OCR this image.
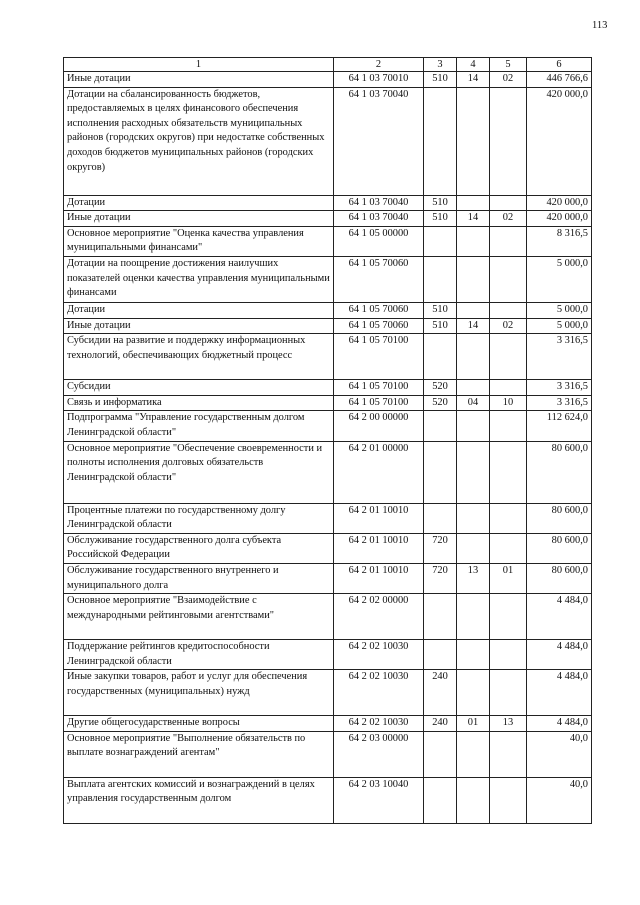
113
1	2	3	4	5	6
Иные дотации	64 1 03 70010	510	14	02	446 766,6
Дотации на сбалансированность бюджетов, предоставляемых в целях финансового обеспечения исполнения расходных обязательств муниципальных районов (городских округов) при недостатке собственных доходов бюджетов муниципальных районов (городских округов)	64 1 03 70040				420 000,0
Дотации	64 1 03 70040	510			420 000,0
Иные дотации	64 1 03 70040	510	14	02	420 000,0
Основное мероприятие "Оценка качества управления муниципальными финансами"	64 1 05 00000				8 316,5
Дотации на поощрение достижения наилучших показателей оценки качества управления муниципальными финансами	64 1 05 70060				5 000,0
Дотации	64 1 05 70060	510			5 000,0
Иные дотации	64 1 05 70060	510	14	02	5 000,0
Субсидии на развитие и поддержку информационных технологий, обеспечивающих бюджетный процесс	64 1 05 70100				3 316,5
Субсидии	64 1 05 70100	520			3 316,5
Связь и информатика	64 1 05 70100	520	04	10	3 316,5
Подпрограмма "Управление государственным долгом Ленинградской области"	64 2 00 00000				112 624,0
Основное мероприятие "Обеспечение своевременности и полноты исполнения долговых обязательств Ленинградской области"	64 2 01 00000				80 600,0
Процентные платежи по государственному долгу Ленинградской области	64 2 01 10010				80 600,0
Обслуживание государственного долга субъекта Российской Федерации	64 2 01 10010	720			80 600,0
Обслуживание государственного внутреннего и муниципального долга	64 2 01 10010	720	13	01	80 600,0
Основное мероприятие "Взаимодействие с международными рейтинговыми агентствами"	64 2 02 00000				4 484,0
Поддержание рейтингов кредитоспособности Ленинградской области	64 2 02 10030				4 484,0
Иные закупки товаров, работ и услуг для обеспечения государственных (муниципальных) нужд	64 2 02 10030	240			4 484,0
Другие общегосударственные вопросы	64 2 02 10030	240	01	13	4 484,0
Основное мероприятие "Выполнение обязательств по выплате вознаграждений агентам"	64 2 03 00000				40,0
Выплата агентских комиссий и вознаграждений в целях управления государственным долгом	64 2 03 10040				40,0
